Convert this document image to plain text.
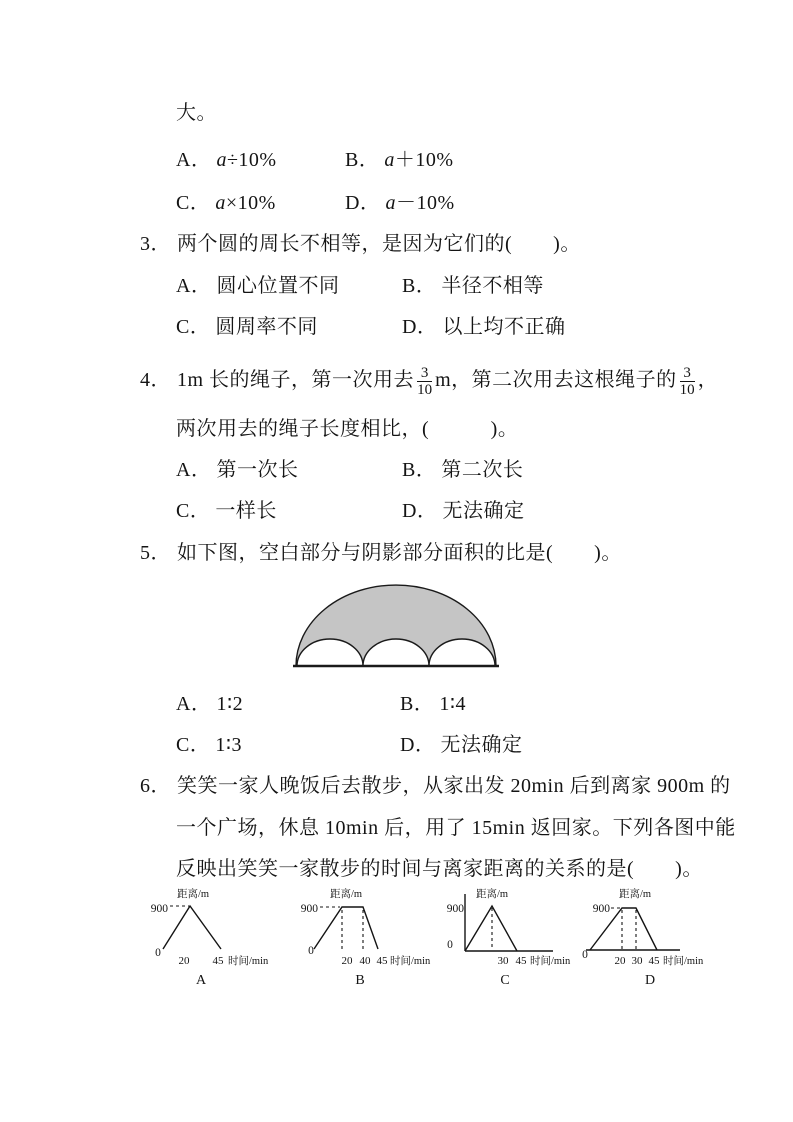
大。
A． a÷10%	B． a＋10%
C． a×10%	D． a－10%
3． 两个圆的周长不相等，是因为它们的(　　)。
A． 圆心位置不同	B． 半径不相等
C． 圆周率不同	D． 以上均不正确
4． 1m 长的绳子，第一次用去 $\frac{3}{10}$ m，第二次用去这根绳子的 $\frac{3}{10}$ ，
两次用去的绳子长度相比，(　　　)。
A． 第一次长	B． 第二次长
C． 一样长	D． 无法确定
5． 如下图，空白部分与阴影部分面积的比是(　　)。
A． 1∶2	B． 1∶4
C． 1∶3	D． 无法确定
6． 笑笑一家人晚饭后去散步，从家出发 20min 后到离家 900m 的
一个广场，休息 10min 后，用了 15min 返回家。下列各图中能
反映出笑笑一家散步的时间与离家距离的关系的是(　　)。
距离/m
900
0
20 45 时间/min
A
距离/m
900
0
20 40 45 时间/min
B
距离/m
900
0
30 45 时间/min
C
距离/m
900
0 20 30 45 时间/min
D
